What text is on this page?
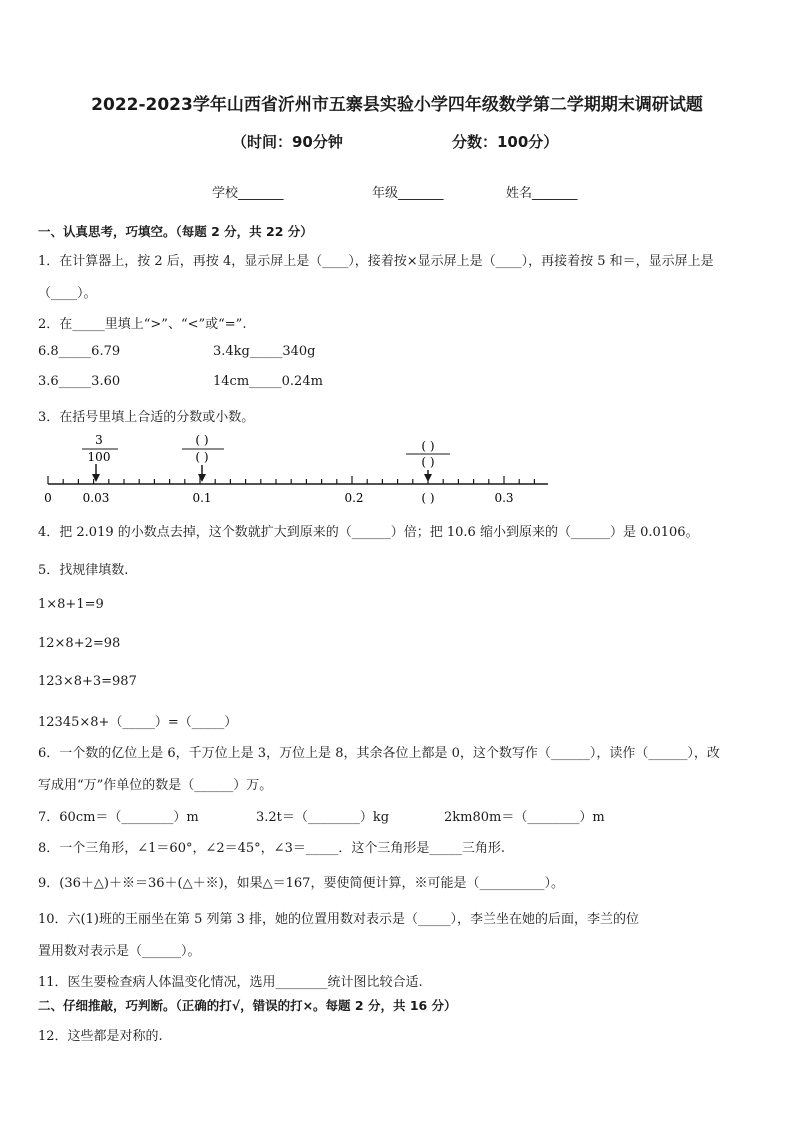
2022-2023学年山西省沂州市五寨县实验小学四年级数学第二学期期末调研试题
（时间：90分钟	分数：100分）
学校_______	年级_______	姓名_______
一、认真思考，巧填空。（每题 2 分，共 22 分）
1．在计算器上，按 2 后，再按 4，显示屏上是（____），接着按×显示屏上是（____），再接着按 5 和＝，显示屏上是
（____）。
2．在_____里填上“>”、“<”或“=”.
6.8_____6.79	3.4kg_____340g
3.6_____3.60	14cm_____0.24m
3．在括号里填上合适的分数或小数。
3
100
( )
( )
( )
( )
0	0.03	0.1	0.2	( )	0.3
4．把 2.019 的小数点去掉，这个数就扩大到原来的（______）倍；把 10.6 缩小到原来的（______）是 0.0106。
5．找规律填数.
1×8+1=9
12×8+2=98
123×8+3=987
12345×8+（_____）=（_____）
6．一个数的亿位上是 6，千万位上是 3，万位上是 8，其余各位上都是 0，这个数写作（______），读作（______），改
写成用“万”作单位的数是（______）万。
7．60cm＝（________）m	3.2t＝（________）kg	2km80m＝（________）m
8．一个三角形，∠1＝60°，∠2＝45°，∠3＝_____．这个三角形是_____三角形.
9．(36＋△)＋※＝36＋(△＋※)，如果△＝167，要使简便计算，※可能是（__________）。
10．六(1)班的王丽坐在第 5 列第 3 排，她的位置用数对表示是（_____），李兰坐在她的后面，李兰的位
置用数对表示是（______）。
11．医生要检查病人体温变化情况，选用________统计图比较合适.
二、仔细推敲，巧判断。（正确的打√，错误的打×。每题 2 分，共 16 分）
12．这些都是对称的.
